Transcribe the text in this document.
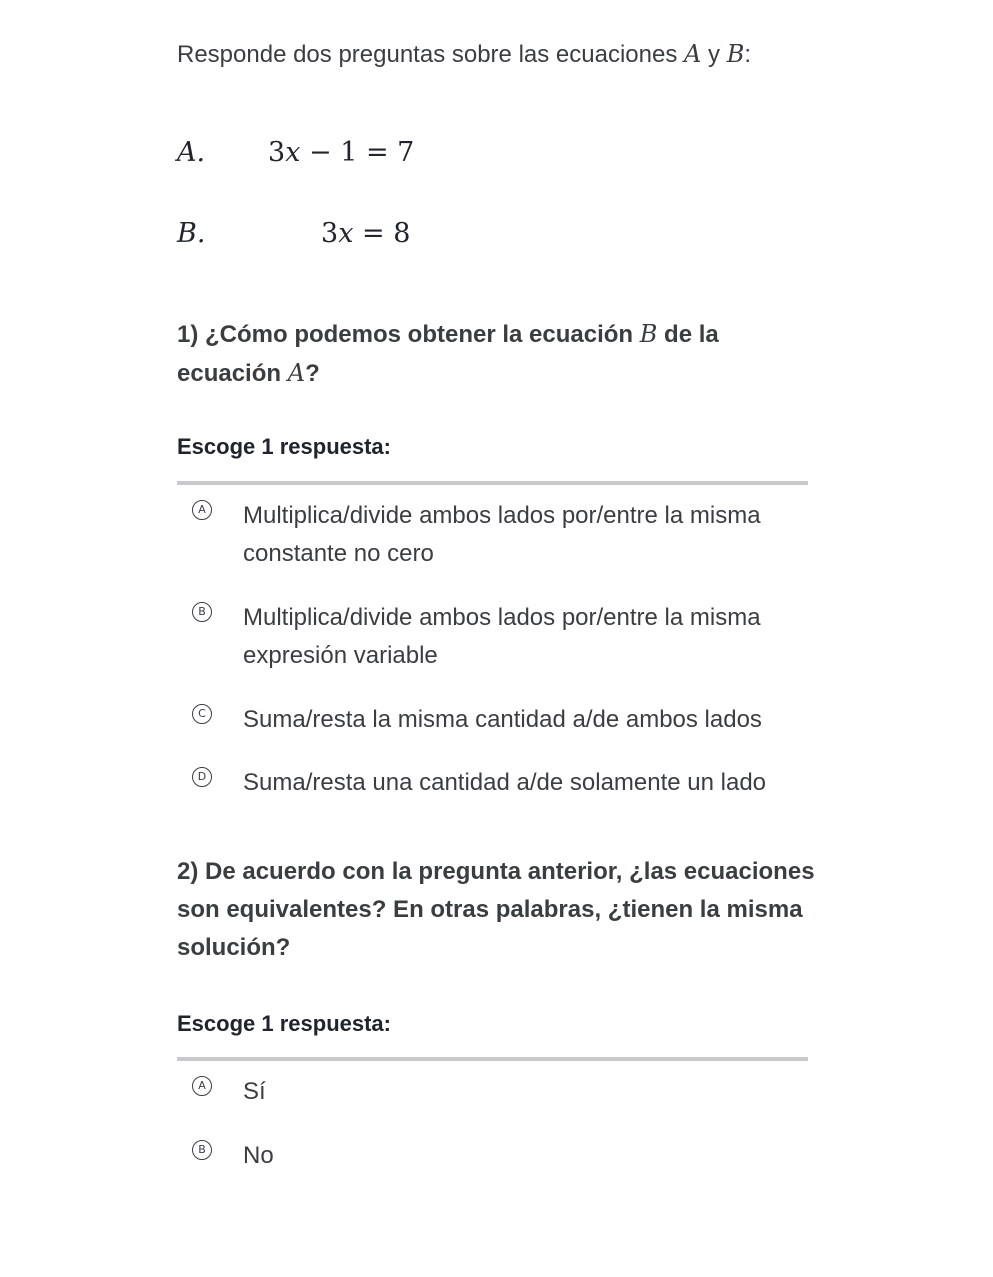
Responde dos preguntas sobre las ecuaciones A y B:
A. 3x − 1 = 7
B.	3x = 8
1) ¿Cómo podemos obtener la ecuación B de la ecuación A?
Escoge 1 respuesta:
A Multiplica/divide ambos lados por/entre la misma constante no cero
B Multiplica/divide ambos lados por/entre la misma expresión variable
C Suma/resta la misma cantidad a/de ambos lados
D Suma/resta una cantidad a/de solamente un lado
2) De acuerdo con la pregunta anterior, ¿las ecuaciones son equivalentes? En otras palabras, ¿tienen la misma solución?
Escoge 1 respuesta:
A Sí
B No
